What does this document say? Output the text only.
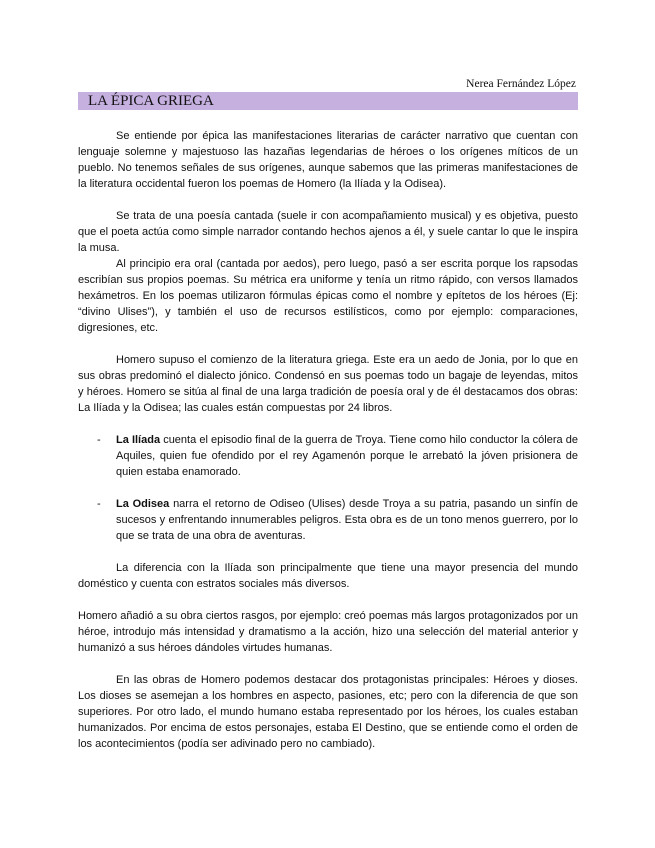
Nerea Fernández López
LA ÉPICA GRIEGA

Se entiende por épica las manifestaciones literarias de carácter narrativo que cuentan con lenguaje solemne y majestuoso las hazañas legendarias de héroes o los orígenes míticos de un pueblo. No tenemos señales de sus orígenes, aunque sabemos que las primeras manifestaciones de la literatura occidental fueron los poemas de Homero (la Ilíada y la Odisea).

Se trata de una poesía cantada (suele ir con acompañamiento musical) y es objetiva, puesto que el poeta actúa como simple narrador contando hechos ajenos a él, y suele cantar lo que le inspira la musa.

Al principio era oral (cantada por aedos), pero luego, pasó a ser escrita porque los rapsodas escribían sus propios poemas. Su métrica era uniforme y tenía un ritmo rápido, con versos llamados hexámetros. En los poemas utilizaron fórmulas épicas como el nombre y epítetos de los héroes (Ej: “divino Ulises”), y también el uso de recursos estilísticos, como por ejemplo: comparaciones, digresiones, etc.

Homero supuso el comienzo de la literatura griega. Este era un aedo de Jonia, por lo que en sus obras predominó el dialecto jónico. Condensó en sus poemas todo un bagaje de leyendas, mitos y héroes. Homero se sitúa al final de una larga tradición de poesía oral y de él destacamos dos obras: La Ilíada y la Odisea; las cuales están compuestas por 24 libros.

- La Ilíada cuenta el episodio final de la guerra de Troya. Tiene como hilo conductor la cólera de Aquiles, quien fue ofendido por el rey Agamenón porque le arrebató la jóven prisionera de quien estaba enamorado.

- La Odisea narra el retorno de Odiseo (Ulises) desde Troya a su patria, pasando un sinfín de sucesos y enfrentando innumerables peligros. Esta obra es de un tono menos guerrero, por lo que se trata de una obra de aventuras.

La diferencia con la Ilíada son principalmente que tiene una mayor presencia del mundo doméstico y cuenta con estratos sociales más diversos.

Homero añadió a su obra ciertos rasgos, por ejemplo: creó poemas más largos protagonizados por un héroe, introdujo más intensidad y dramatismo a la acción, hizo una selección del material anterior y humanizó a sus héroes dándoles virtudes humanas.

En las obras de Homero podemos destacar dos protagonistas principales: Héroes y dioses. Los dioses se asemejan a los hombres en aspecto, pasiones, etc; pero con la diferencia de que son superiores. Por otro lado, el mundo humano estaba representado por los héroes, los cuales estaban humanizados. Por encima de estos personajes, estaba El Destino, que se entiende como el orden de los acontecimientos (podía ser adivinado pero no cambiado).
